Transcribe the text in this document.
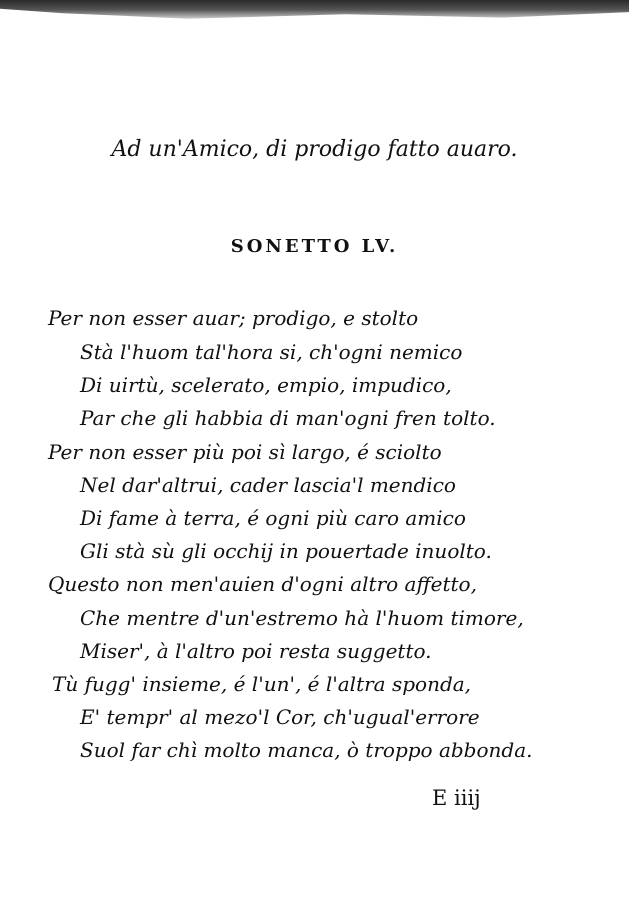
Ad un'Amico, di prodigo fatto auaro.
SONETTO LV.
Per non esser auar; prodigo, e stolto
Stà l'huom tal'hora si, ch'ogni nemico
Di uirtù, scelerato, empio, impudico,
Par che gli habbia di man'ogni fren tolto.
Per non esser più poi sì largo, é sciolto
Nel dar'altrui, cader lascia'l mendico
Di fame à terra, é ogni più caro amico
Gli stà sù gli occhij in pouertade inuolto.
Questo non men'auien d'ogni altro affetto,
Che mentre d'un'estremo hà l'huom timore,
Miser', à l'altro poi resta suggetto.
Tù fugg' insieme, é l'un', é l'altra sponda,
E' tempr' al mezo'l Cor, ch'ugual'errore
Suol far chì molto manca, ò troppo abbonda.
E iiij
